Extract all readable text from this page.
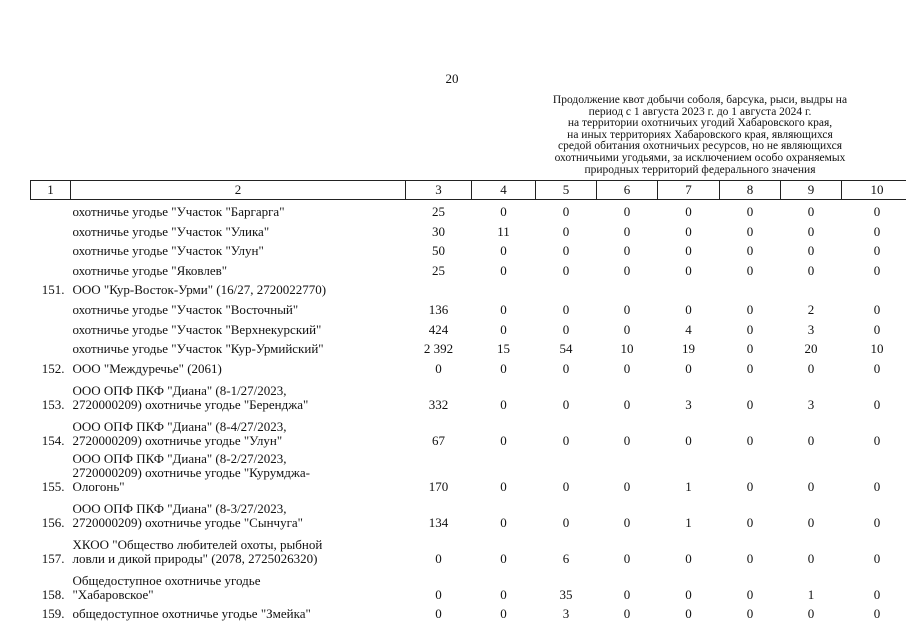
20
Продолжение квот добычи соболя, барсука, рыси, выдры на
период с 1 августа 2023 г. до 1 августа 2024 г.
на территории охотничьих угодий Хабаровского края,
на иных территориях Хабаровского края, являющихся
средой обитания охотничьих ресурсов, но не являющихся
охотничьими угодьями, за исключением особо охраняемых
природных территорий федерального значения
1	2	3	4	5	6	7	8	9	10

	охотничье угодье "Участок "Баргарга"	25	0	0	0	0	0	0	0

	охотничье угодье "Участок "Улика"	30	11	0	0	0	0	0	0

	охотничье угодье "Участок "Улун"	50	0	0	0	0	0	0	0

	охотничье угодье "Яковлев"	25	0	0	0	0	0	0	0
151.	ООО "Кур-Восток-Урми" (16/27, 2720022770)								

	охотничье угодье "Участок "Восточный"	136	0	0	0	0	0	2	0

	охотничье угодье "Участок "Верхнекурский"	424	0	0	0	4	0	3	0

	охотничье угодье "Участок "Кур-Урмийский"	2 392	15	54	10	19	0	20	10
152.	ООО "Междуречье" (2061)	0	0	0	0	0	0	0	0
153.	ООО ОПФ ПКФ "Диана" (8-1/27/2023,
2720000209) охотничье угодье "Беренджа"	332	0	0	0	3	0	3	0
154.	ООО ОПФ ПКФ "Диана" (8-4/27/2023,
2720000209) охотничье угодье "Улун"	67	0	0	0	0	0	0	0
155.	ООО ОПФ ПКФ "Диана" (8-2/27/2023,
2720000209) охотничье угодье "Курумджа-
Ологонь"	170	0	0	0	1	0	0	0
156.	ООО ОПФ ПКФ "Диана" (8-3/27/2023,
2720000209) охотничье угодье "Сынчуга"	134	0	0	0	1	0	0	0
157.	ХКОО "Общество любителей охоты, рыбной
ловли и дикой природы" (2078, 2725026320)	0	0	6	0	0	0	0	0
158.	Общедоступное охотничье угодье
"Хабаровское"	0	0	35	0	0	0	1	0
159.	общедоступное охотничье угодье "Змейка"	0	0	3	0	0	0	0	0
